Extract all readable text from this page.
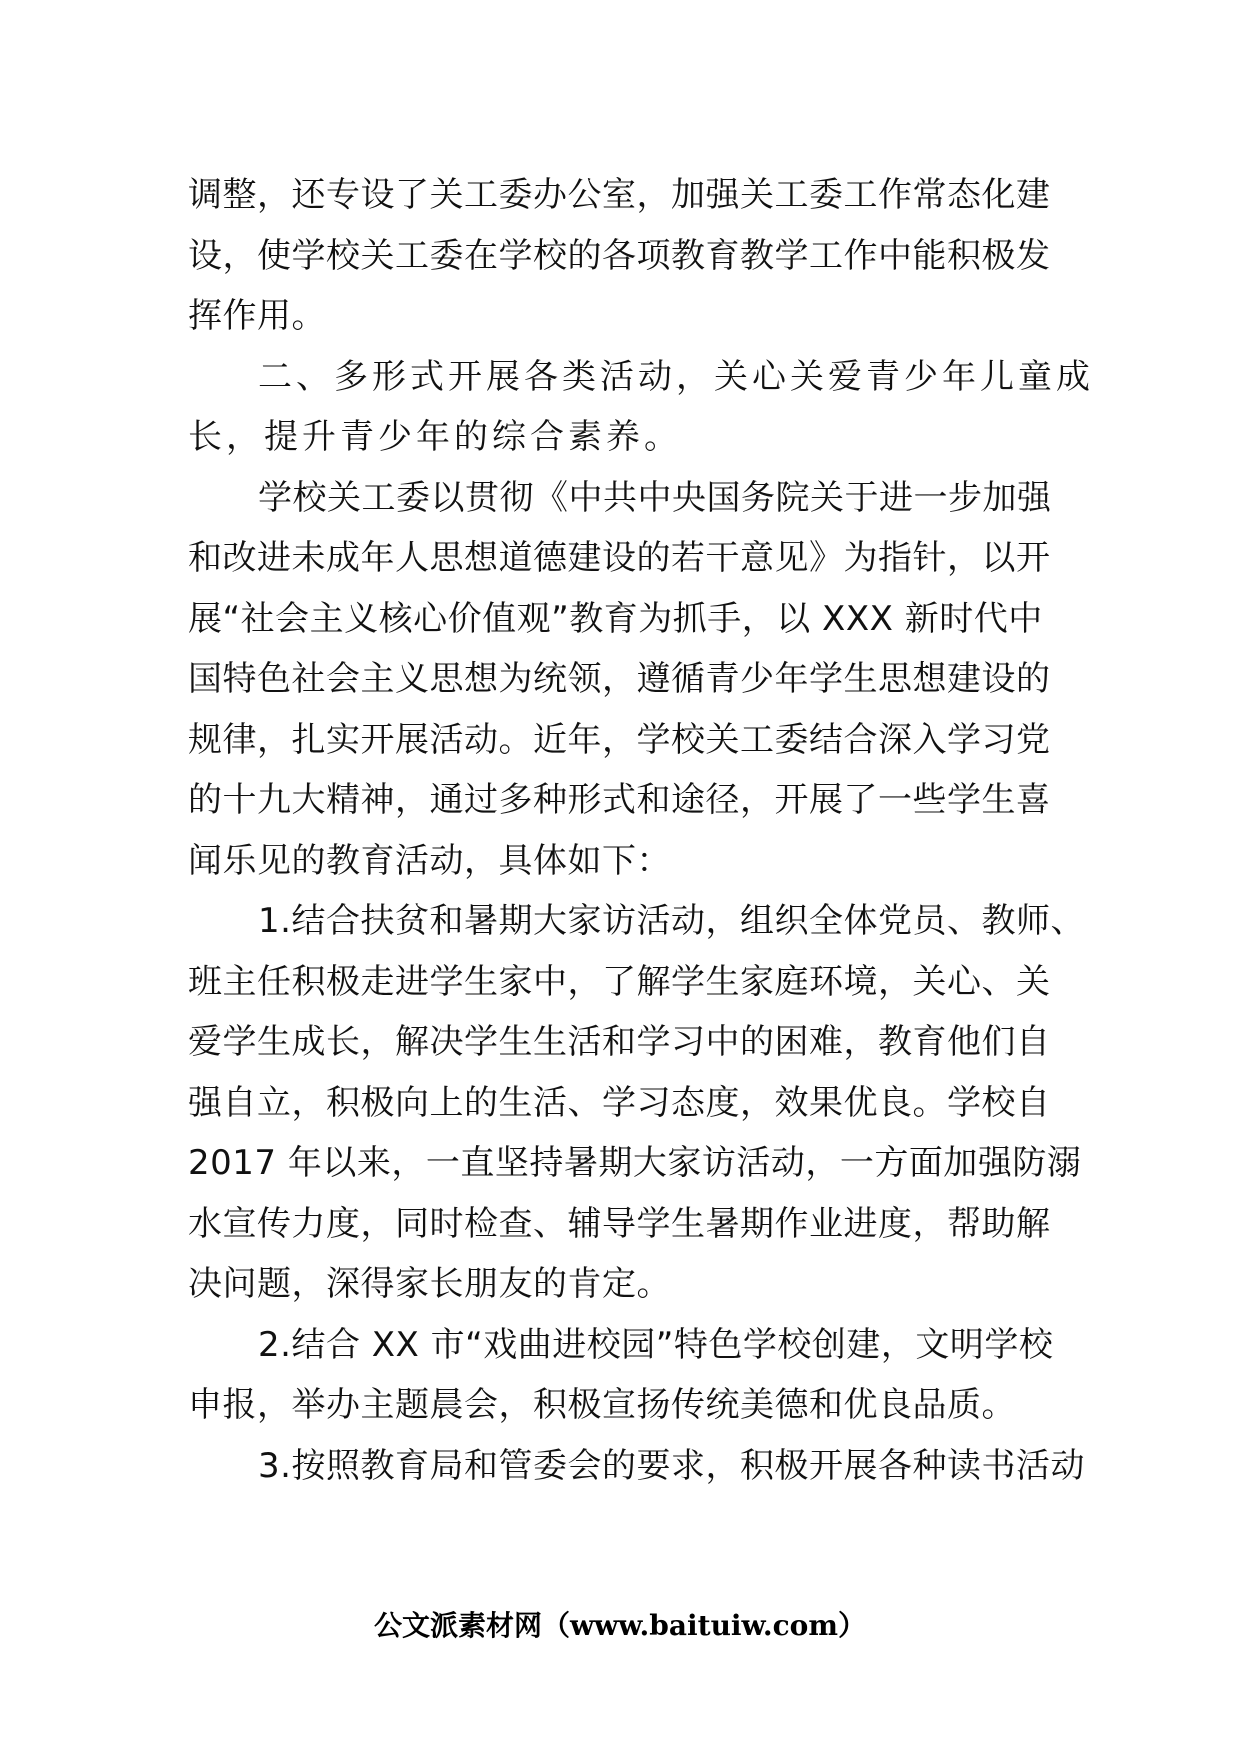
调整，还专设了关工委办公室，加强关工委工作常态化建
设，使学校关工委在学校的各项教育教学工作中能积极发
挥作用。
二、多形式开展各类活动，关心关爱青少年儿童成
长，提升青少年的综合素养。
学校关工委以贯彻《中共中央国务院关于进一步加强
和改进未成年人思想道德建设的若干意见》为指针，以开
展“社会主义核心价值观”教育为抓手，以 XXX 新时代中
国特色社会主义思想为统领，遵循青少年学生思想建设的
规律，扎实开展活动。近年，学校关工委结合深入学习党
的十九大精神，通过多种形式和途径，开展了一些学生喜
闻乐见的教育活动，具体如下：
1.结合扶贫和暑期大家访活动，组织全体党员、教师、
班主任积极走进学生家中，了解学生家庭环境，关心、关
爱学生成长，解决学生生活和学习中的困难，教育他们自
强自立，积极向上的生活、学习态度，效果优良。学校自
2017 年以来，一直坚持暑期大家访活动，一方面加强防溺
水宣传力度，同时检查、辅导学生暑期作业进度，帮助解
决问题，深得家长朋友的肯定。
2.结合 XX 市“戏曲进校园”特色学校创建，文明学校
申报，举办主题晨会，积极宣扬传统美德和优良品质。
3.按照教育局和管委会的要求，积极开展各种读书活动
公文派素材网（www.baituiw.com）
